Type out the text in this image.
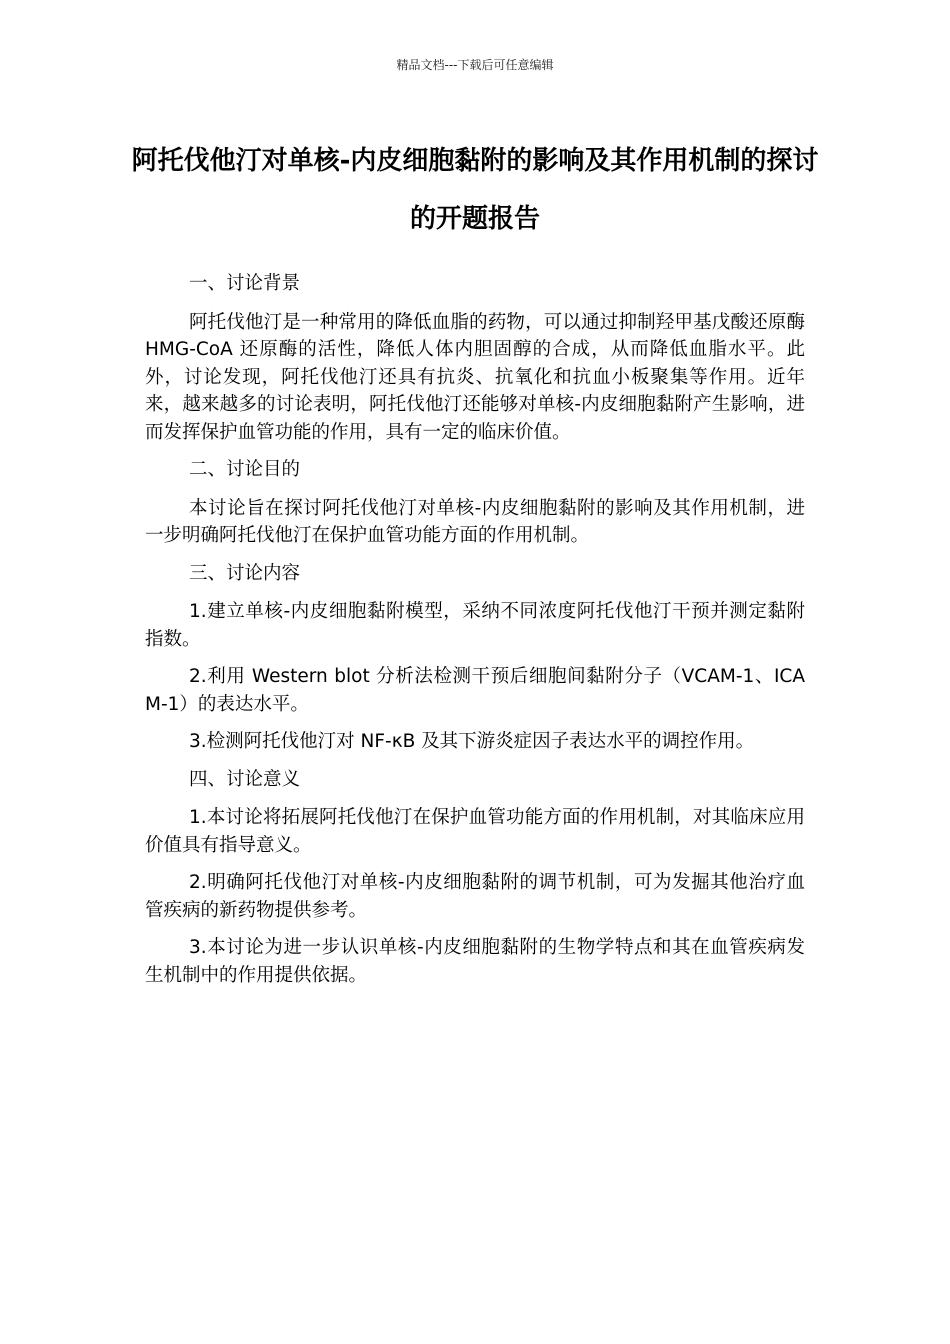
精品文档---下载后可任意编辑
阿托伐他汀对单核-内皮细胞黏附的影响及其作用机制的探讨的开题报告

一、讨论背景

阿托伐他汀是一种常用的降低血脂的药物，可以通过抑制羟甲基戊酸还原酶 HMG-CoA 还原酶的活性，降低人体内胆固醇的合成，从而降低血脂水平。此外，讨论发现，阿托伐他汀还具有抗炎、抗氧化和抗血小板聚集等作用。近年来，越来越多的讨论表明，阿托伐他汀还能够对单核-内皮细胞黏附产生影响，进而发挥保护血管功能的作用，具有一定的临床价值。

二、讨论目的

本讨论旨在探讨阿托伐他汀对单核-内皮细胞黏附的影响及其作用机制，进一步明确阿托伐他汀在保护血管功能方面的作用机制。

三、讨论内容

1.建立单核-内皮细胞黏附模型，采纳不同浓度阿托伐他汀干预并测定黏附指数。

2.利用 Western blot 分析法检测干预后细胞间黏附分子（VCAM-1、ICAM-1）的表达水平。

3.检测阿托伐他汀对 NF-κB 及其下游炎症因子表达水平的调控作用。

四、讨论意义

1.本讨论将拓展阿托伐他汀在保护血管功能方面的作用机制，对其临床应用价值具有指导意义。

2.明确阿托伐他汀对单核-内皮细胞黏附的调节机制，可为发掘其他治疗血管疾病的新药物提供参考。

3.本讨论为进一步认识单核-内皮细胞黏附的生物学特点和其在血管疾病发生机制中的作用提供依据。
